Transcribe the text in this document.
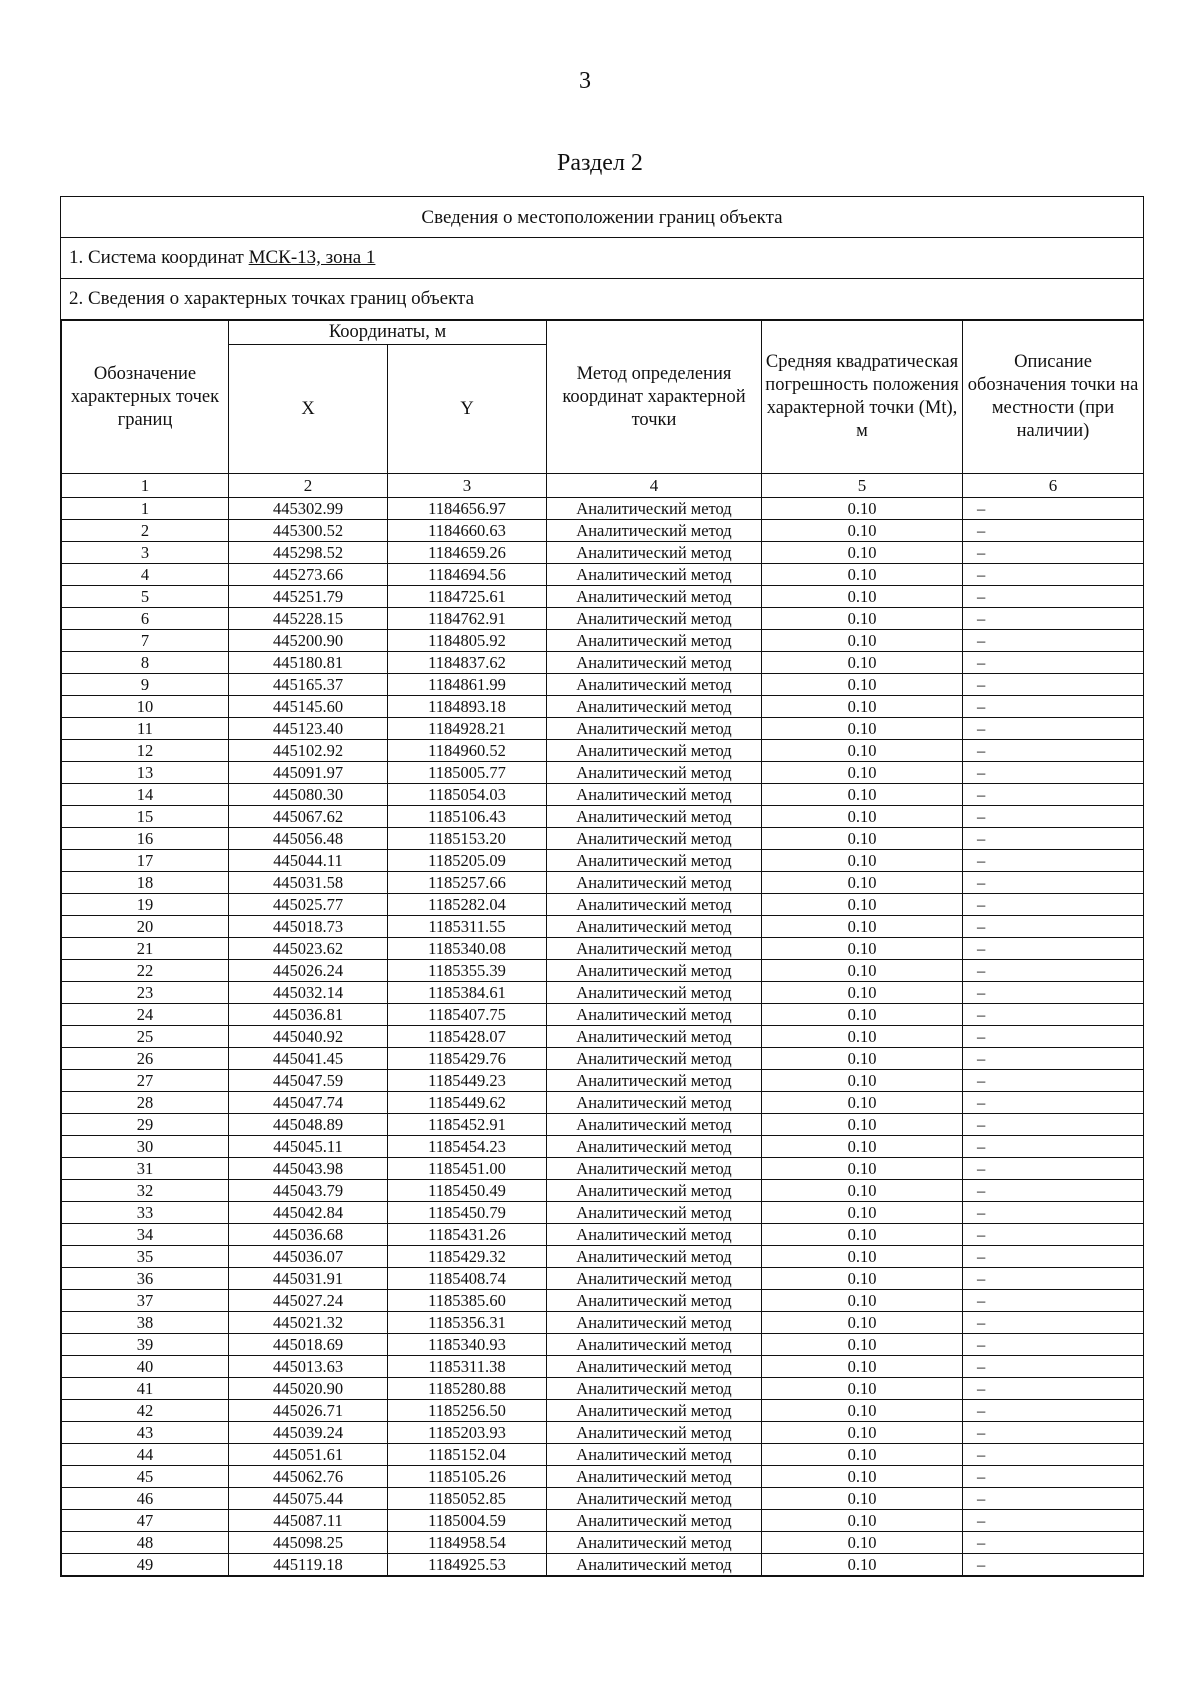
3
Раздел 2
Сведения о местоположении границ объекта
1. Система координат МСК-13, зона 1
2. Сведения о характерных точках границ объекта
Обозначение характерных точек границ	Координаты, м		Метод определения координат характерной точки	Средняя квадратическая погрешность положения характерной точки (Mt), м	Описание обозначения точки на местности (при наличии)
	X	Y			
1	2	3	4	5	6
1	445302.99	1184656.97	Аналитический метод	0.10	–
2	445300.52	1184660.63	Аналитический метод	0.10	–
3	445298.52	1184659.26	Аналитический метод	0.10	–
4	445273.66	1184694.56	Аналитический метод	0.10	–
5	445251.79	1184725.61	Аналитический метод	0.10	–
6	445228.15	1184762.91	Аналитический метод	0.10	–
7	445200.90	1184805.92	Аналитический метод	0.10	–
8	445180.81	1184837.62	Аналитический метод	0.10	–
9	445165.37	1184861.99	Аналитический метод	0.10	–
10	445145.60	1184893.18	Аналитический метод	0.10	–
11	445123.40	1184928.21	Аналитический метод	0.10	–
12	445102.92	1184960.52	Аналитический метод	0.10	–
13	445091.97	1185005.77	Аналитический метод	0.10	–
14	445080.30	1185054.03	Аналитический метод	0.10	–
15	445067.62	1185106.43	Аналитический метод	0.10	–
16	445056.48	1185153.20	Аналитический метод	0.10	–
17	445044.11	1185205.09	Аналитический метод	0.10	–
18	445031.58	1185257.66	Аналитический метод	0.10	–
19	445025.77	1185282.04	Аналитический метод	0.10	–
20	445018.73	1185311.55	Аналитический метод	0.10	–
21	445023.62	1185340.08	Аналитический метод	0.10	–
22	445026.24	1185355.39	Аналитический метод	0.10	–
23	445032.14	1185384.61	Аналитический метод	0.10	–
24	445036.81	1185407.75	Аналитический метод	0.10	–
25	445040.92	1185428.07	Аналитический метод	0.10	–
26	445041.45	1185429.76	Аналитический метод	0.10	–
27	445047.59	1185449.23	Аналитический метод	0.10	–
28	445047.74	1185449.62	Аналитический метод	0.10	–
29	445048.89	1185452.91	Аналитический метод	0.10	–
30	445045.11	1185454.23	Аналитический метод	0.10	–
31	445043.98	1185451.00	Аналитический метод	0.10	–
32	445043.79	1185450.49	Аналитический метод	0.10	–
33	445042.84	1185450.79	Аналитический метод	0.10	–
34	445036.68	1185431.26	Аналитический метод	0.10	–
35	445036.07	1185429.32	Аналитический метод	0.10	–
36	445031.91	1185408.74	Аналитический метод	0.10	–
37	445027.24	1185385.60	Аналитический метод	0.10	–
38	445021.32	1185356.31	Аналитический метод	0.10	–
39	445018.69	1185340.93	Аналитический метод	0.10	–
40	445013.63	1185311.38	Аналитический метод	0.10	–
41	445020.90	1185280.88	Аналитический метод	0.10	–
42	445026.71	1185256.50	Аналитический метод	0.10	–
43	445039.24	1185203.93	Аналитический метод	0.10	–
44	445051.61	1185152.04	Аналитический метод	0.10	–
45	445062.76	1185105.26	Аналитический метод	0.10	–
46	445075.44	1185052.85	Аналитический метод	0.10	–
47	445087.11	1185004.59	Аналитический метод	0.10	–
48	445098.25	1184958.54	Аналитический метод	0.10	–
49	445119.18	1184925.53	Аналитический метод	0.10	–
